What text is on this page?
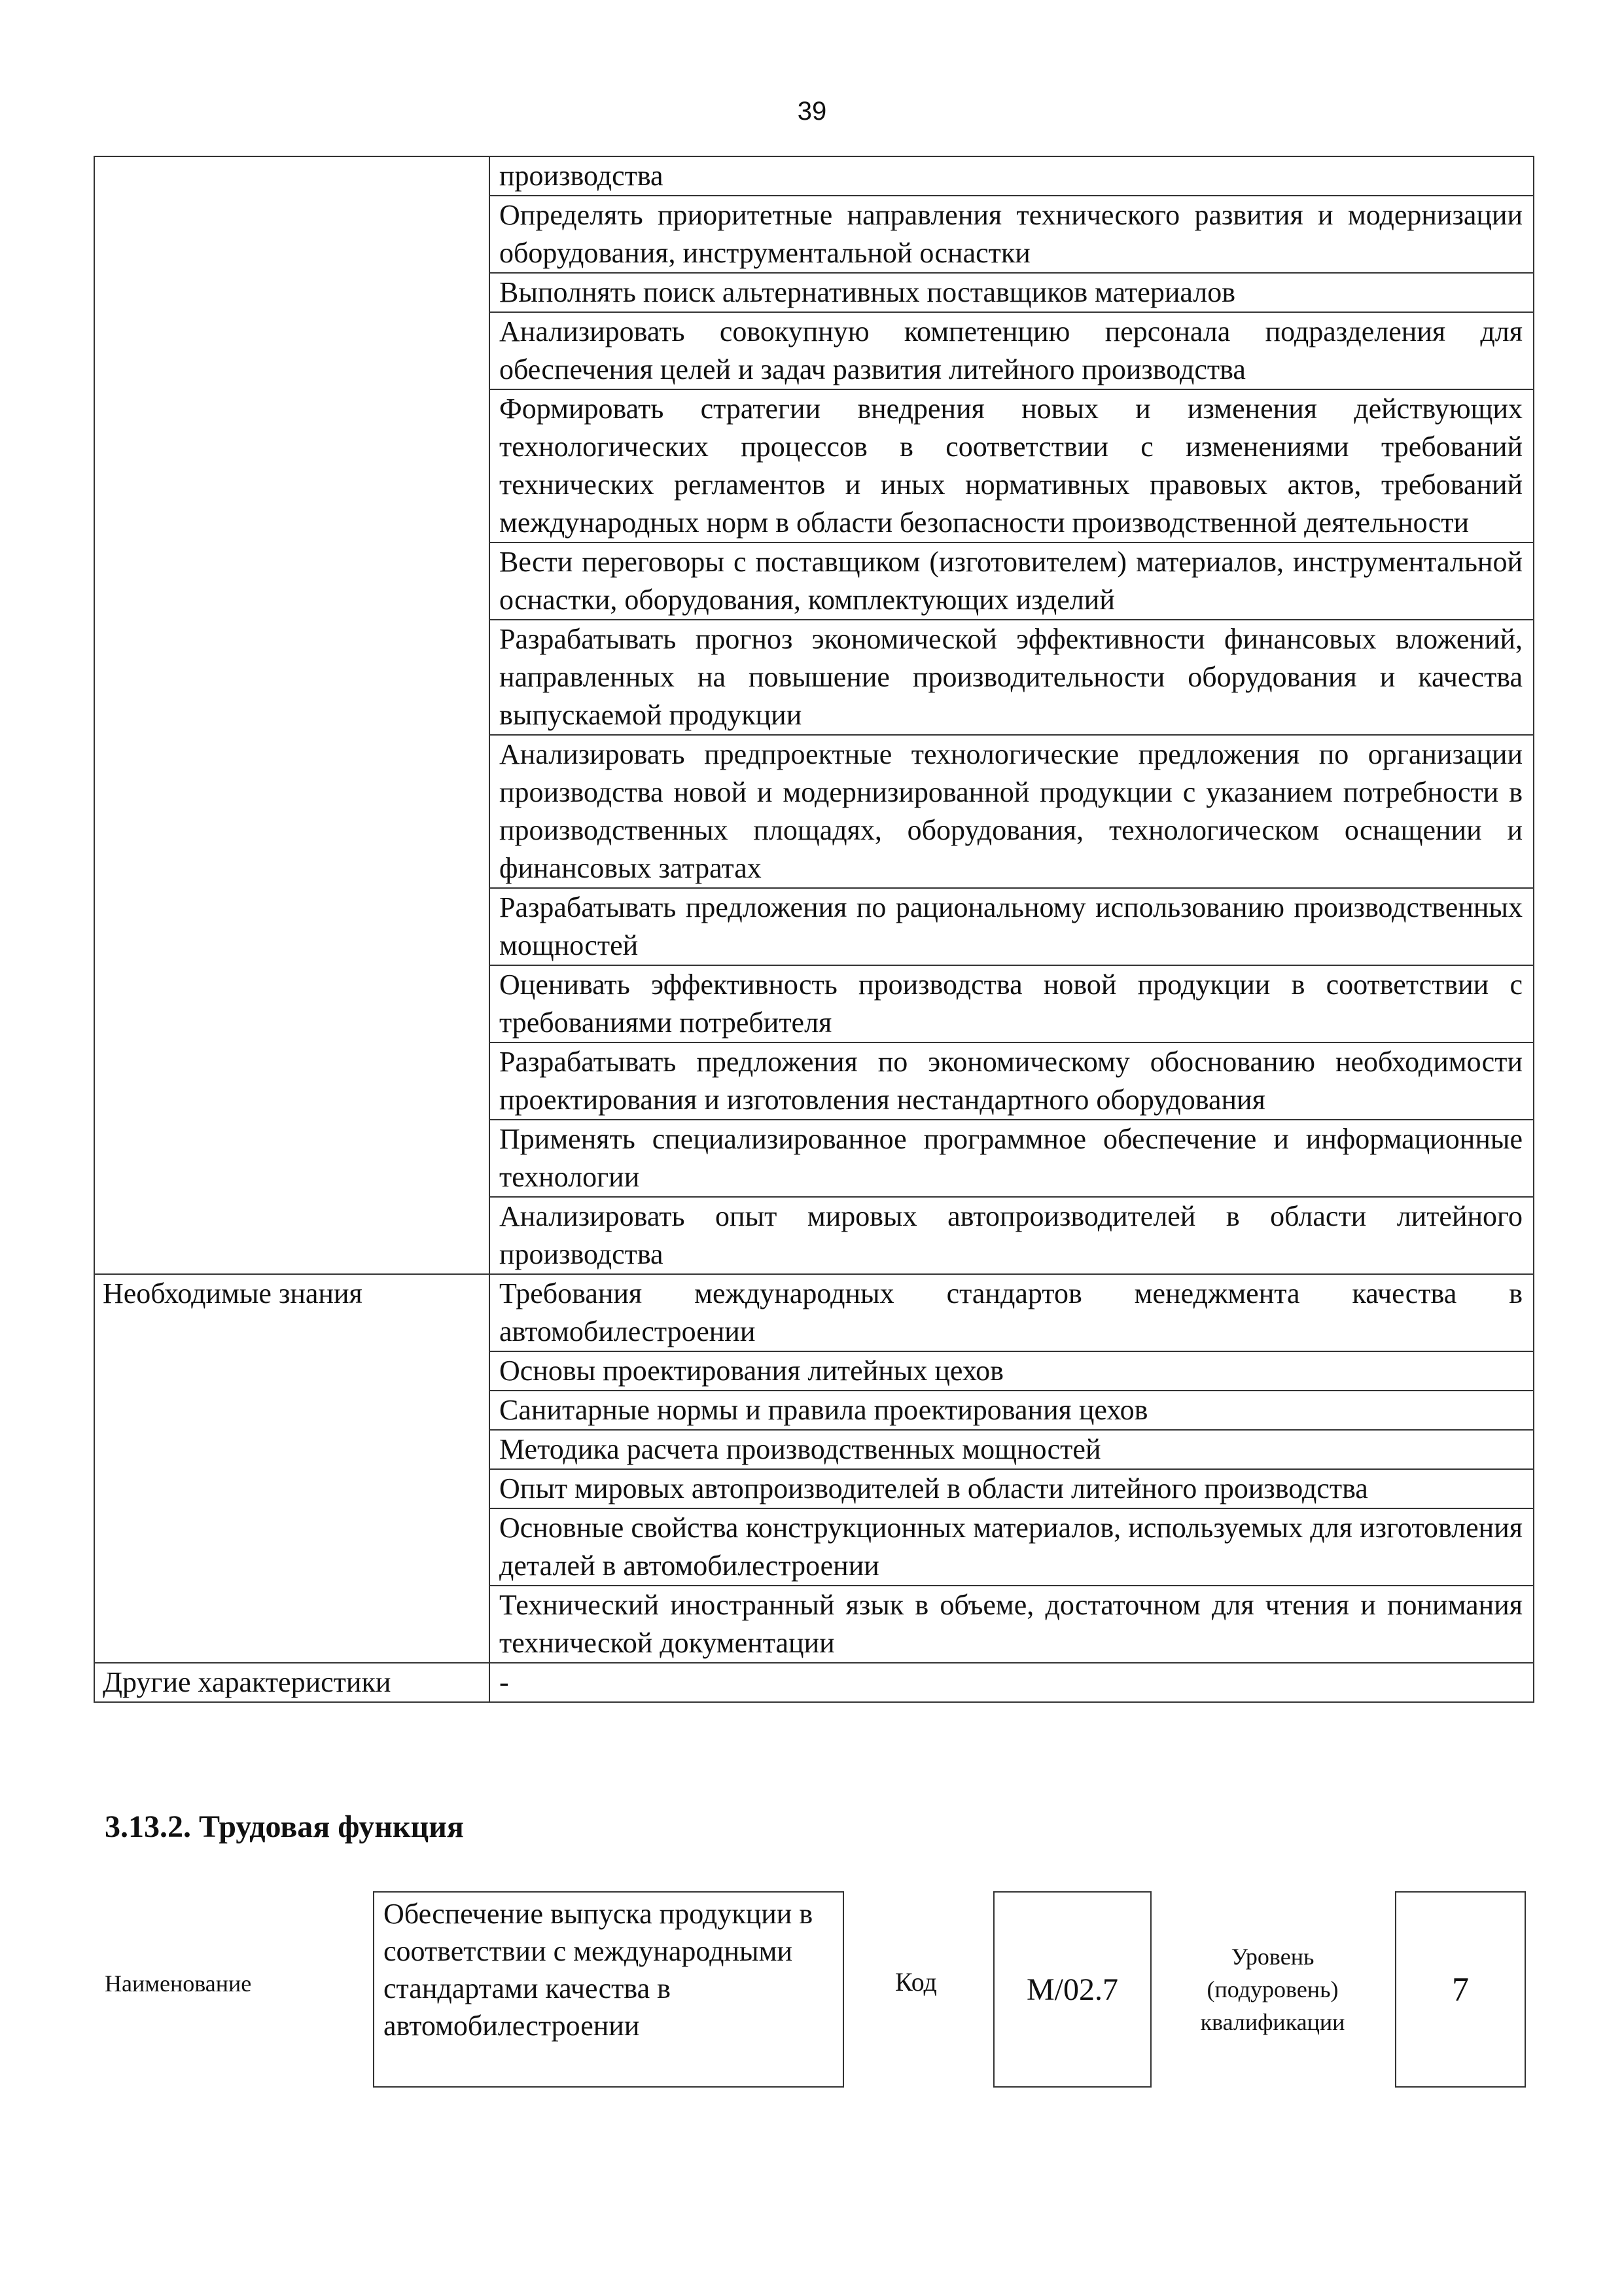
39
	производства
	Определять приоритетные направления технического развития и модернизации оборудования, инструментальной оснастки
	Выполнять поиск альтернативных поставщиков материалов
	Анализировать совокупную компетенцию персонала подразделения для обеспечения целей и задач развития литейного производства
	Формировать стратегии внедрения новых и изменения действующих технологических процессов в соответствии с изменениями требований технических регламентов и иных нормативных правовых актов, требований международных норм в области безопасности производственной деятельности
	Вести переговоры с поставщиком (изготовителем) материалов, инструментальной оснастки, оборудования, комплектующих изделий
	Разрабатывать прогноз экономической эффективности финансовых вложений, направленных на повышение производительности оборудования и качества выпускаемой продукции
	Анализировать предпроектные технологические предложения по организации производства новой и модернизированной продукции с указанием потребности в производственных площадях, оборудования, технологическом оснащении и финансовых затратах
	Разрабатывать предложения по рациональному использованию производственных мощностей
	Оценивать эффективность производства новой продукции в соответствии с требованиями потребителя
	Разрабатывать предложения по экономическому обоснованию необходимости проектирования и изготовления нестандартного оборудования
	Применять специализированное программное обеспечение и информационные технологии
	Анализировать опыт мировых автопроизводителей в области литейного производства
Необходимые знания	Требования международных стандартов менеджмента качества в автомобилестроении
	Основы проектирования литейных цехов
	Санитарные нормы и правила проектирования цехов
	Методика расчета производственных мощностей
	Опыт мировых автопроизводителей в области литейного производства
	Основные свойства конструкционных материалов, используемых для изготовления деталей в автомобилестроении
	Технический иностранный язык в объеме, достаточном для чтения и понимания технической документации
Другие характеристики	-
3.13.2. Трудовая функция
Наименование
Обеспечение выпуска продукции в соответствии с международными стандартами качества в автомобилестроении
Код	M/02.7
Уровень (подуровень) квалификации
7
